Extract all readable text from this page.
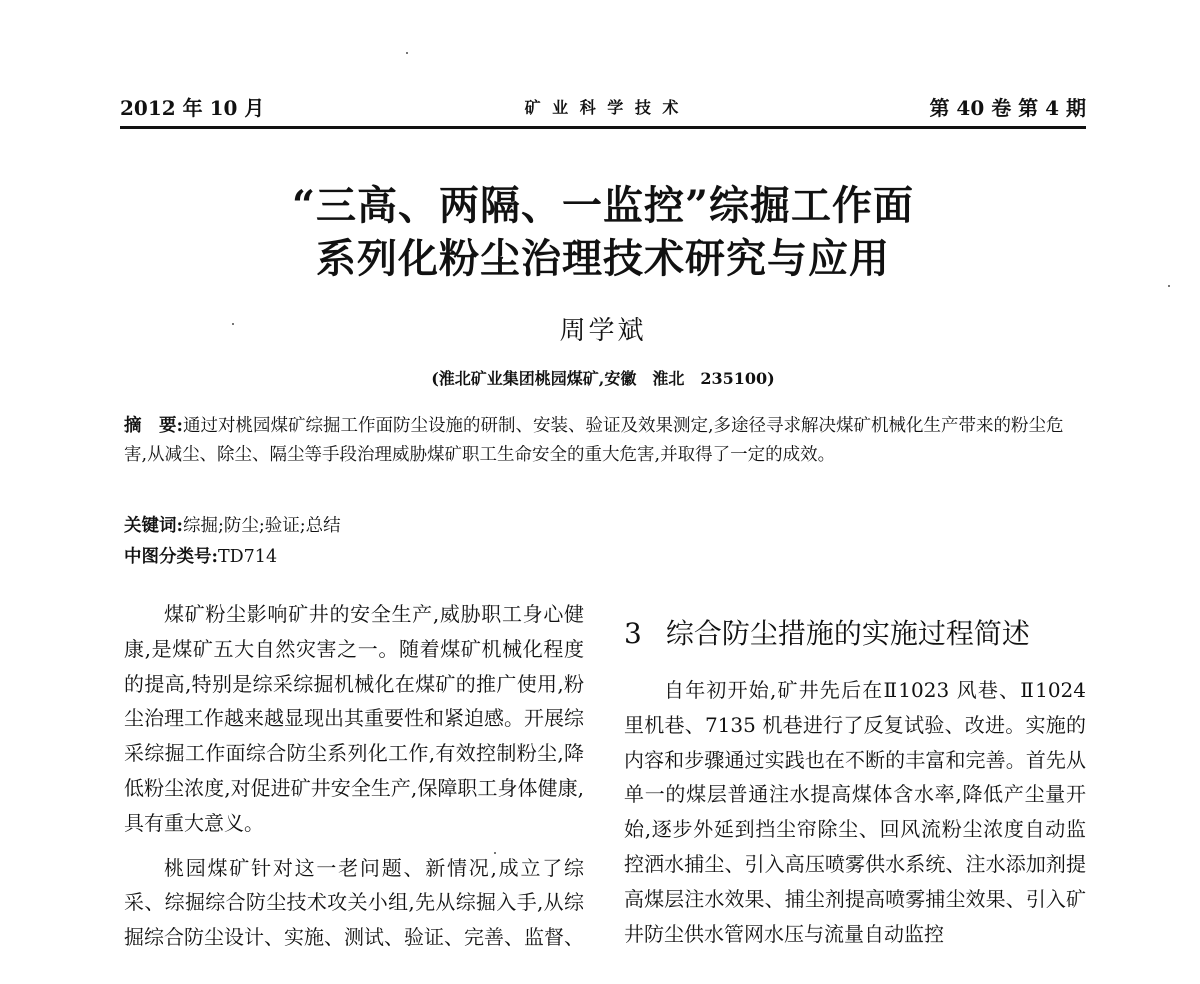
2012 年 10 月	矿 业 科 学 技 术	第 40 卷 第 4 期
“三高、两隔、一监控”综掘工作面
系列化粉尘治理技术研究与应用
周学斌
(淮北矿业集团桃园煤矿,安徽　淮北　235100)
摘　要:通过对桃园煤矿综掘工作面防尘设施的研制、安装、验证及效果测定,多途径寻求解决煤矿机械化生产带来的粉尘危害,从减尘、除尘、隔尘等手段治理威胁煤矿职工生命安全的重大危害,并取得了一定的成效。
关键词:综掘;防尘;验证;总结
中图分类号:TD714

煤矿粉尘影响矿井的安全生产,威胁职工身心健康,是煤矿五大自然灾害之一。随着煤矿机械化程度的提高,特别是综采综掘机械化在煤矿的推广使用,粉尘治理工作越来越显现出其重要性和紧迫感。开展综采综掘工作面综合防尘系列化工作,有效控制粉尘,降低粉尘浓度,对促进矿井安全生产,保障职工身体健康,具有重大意义。

桃园煤矿针对这一老问题、新情况,成立了综采、综掘综合防尘技术攻关小组,先从综掘入手,从综掘综合防尘设计、实施、测试、验证、完善、监督、

3 综合防尘措施的实施过程简述

自年初开始,矿井先后在Ⅱ1023 风巷、Ⅱ1024 里机巷、7135 机巷进行了反复试验、改进。实施的内容和步骤通过实践也在不断的丰富和完善。首先从单一的煤层普通注水提高煤体含水率,降低产尘量开始,逐步外延到挡尘帘除尘、回风流粉尘浓度自动监控洒水捕尘、引入高压喷雾供水系统、注水添加剂提高煤层注水效果、捕尘剂提高喷雾捕尘效果、引入矿井防尘供水管网水压与流量自动监控
